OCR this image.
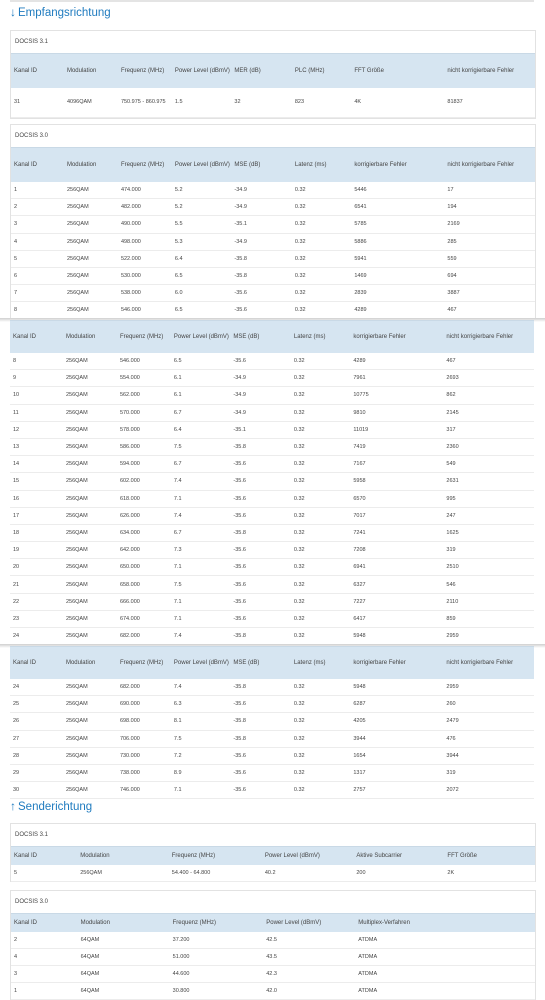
↓ Empfangsrichtung
DOCSIS 3.1
Kanal ID	Modulation	Frequenz (MHz)	Power Level (dBmV)	MER (dB)	PLC (MHz)	FFT Größe	nicht korrigierbare Fehler
31	4096QAM	750.975 - 860.975	1.5	32	823	4K	81837
DOCSIS 3.0
Kanal ID	Modulation	Frequenz (MHz)	Power Level (dBmV)	MSE (dB)	Latenz (ms)	korrigierbare Fehler	nicht korrigierbare Fehler
1	256QAM	474.000	5.2	-34.9	0.32	5446	17
2	256QAM	482.000	5.2	-34.9	0.32	6541	194
3	256QAM	490.000	5.5	-35.1	0.32	5785	2169
4	256QAM	498.000	5.3	-34.9	0.32	5886	285
5	256QAM	522.000	6.4	-35.8	0.32	5941	559
6	256QAM	530.000	6.5	-35.8	0.32	1469	694
7	256QAM	538.000	6.0	-35.6	0.32	2839	3887
8	256QAM	546.000	6.5	-35.6	0.32	4289	467
Kanal ID	Modulation	Frequenz (MHz)	Power Level (dBmV)	MSE (dB)	Latenz (ms)	korrigierbare Fehler	nicht korrigierbare Fehler
8	256QAM	546.000	6.5	-35.6	0.32	4289	467
9	256QAM	554.000	6.1	-34.9	0.32	7961	2693
10	256QAM	562.000	6.1	-34.9	0.32	10775	862
11	256QAM	570.000	6.7	-34.9	0.32	9810	2145
12	256QAM	578.000	6.4	-35.1	0.32	11019	317
13	256QAM	586.000	7.5	-35.8	0.32	7419	2360
14	256QAM	594.000	6.7	-35.6	0.32	7167	549
15	256QAM	602.000	7.4	-35.6	0.32	5958	2631
16	256QAM	618.000	7.1	-35.6	0.32	6570	995
17	256QAM	626.000	7.4	-35.6	0.32	7017	247
18	256QAM	634.000	6.7	-35.8	0.32	7241	1625
19	256QAM	642.000	7.3	-35.6	0.32	7208	319
20	256QAM	650.000	7.1	-35.6	0.32	6941	2510
21	256QAM	658.000	7.5	-35.6	0.32	6327	546
22	256QAM	666.000	7.1	-35.6	0.32	7227	2110
23	256QAM	674.000	7.1	-35.6	0.32	6417	859
24	256QAM	682.000	7.4	-35.8	0.32	5948	2959
Kanal ID	Modulation	Frequenz (MHz)	Power Level (dBmV)	MSE (dB)	Latenz (ms)	korrigierbare Fehler	nicht korrigierbare Fehler
24	256QAM	682.000	7.4	-35.8	0.32	5948	2959
25	256QAM	690.000	6.3	-35.6	0.32	6287	260
26	256QAM	698.000	8.1	-35.8	0.32	4205	2479
27	256QAM	706.000	7.5	-35.8	0.32	3944	476
28	256QAM	730.000	7.2	-35.6	0.32	1654	3944
29	256QAM	738.000	8.9	-35.6	0.32	1317	319
30	256QAM	746.000	7.1	-35.6	0.32	2757	2072
↑ Senderichtung
DOCSIS 3.1
Kanal ID	Modulation	Frequenz (MHz)	Power Level (dBmV)	Aktive Subcarrier	FFT Größe
5	256QAM	54.400 - 64.800	40.2	200	2K
DOCSIS 3.0
Kanal ID	Modulation	Frequenz (MHz)	Power Level (dBmV)	Multiplex-Verfahren
2	64QAM	37.200	42.5	ATDMA
4	64QAM	51.000	43.5	ATDMA
3	64QAM	44.600	42.3	ATDMA
1	64QAM	30.800	42.0	ATDMA
